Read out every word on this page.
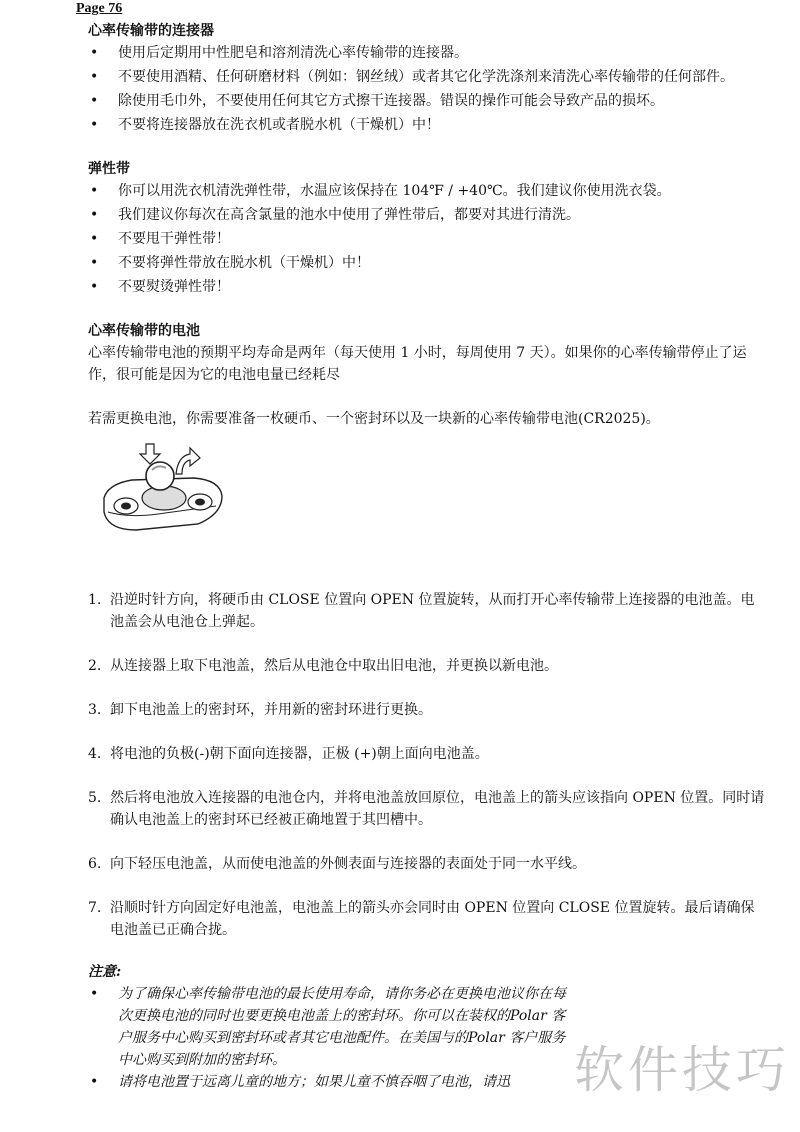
Page 76
心率传输带的连接器
• 使用后定期用中性肥皂和溶剂清洗心率传输带的连接器。
• 不要使用酒精、任何研磨材料（例如：钢丝绒）或者其它化学洗涤剂来清洗心率传输带的任何部件。
• 除使用毛巾外，不要使用任何其它方式擦干连接器。错误的操作可能会导致产品的损坏。
• 不要将连接器放在洗衣机或者脱水机（干燥机）中！
弹性带
• 你可以用洗衣机清洗弹性带，水温应该保持在 104℉ / +40℃。我们建议你使用洗衣袋。
• 我们建议你每次在高含氯量的池水中使用了弹性带后，都要对其进行清洗。
• 不要甩干弹性带！
• 不要将弹性带放在脱水机（干燥机）中！
• 不要熨烫弹性带！
心率传输带的电池

心率传输带电池的预期平均寿命是两年（每天使用 1 小时，每周使用 7 天）。如果你的心率传输带停止了运作，很可能是因为它的电池电量已经耗尽

若需更换电池，你需要准备一枚硬币、一个密封环以及一块新的心率传输带电池(CR2025)。

1. 沿逆时针方向，将硬币由 CLOSE 位置向 OPEN 位置旋转，从而打开心率传输带上连接器的电池盖。电池盖会从电池仓上弹起。
2. 从连接器上取下电池盖，然后从电池仓中取出旧电池，并更换以新电池。
3. 卸下电池盖上的密封环，并用新的密封环进行更换。
4. 将电池的负极(-)朝下面向连接器，正极 (+)朝上面向电池盖。
5. 然后将电池放入连接器的电池仓内，并将电池盖放回原位，电池盖上的箭头应该指向 OPEN 位置。同时请确认电池盖上的密封环已经被正确地置于其凹槽中。
6. 向下轻压电池盖，从而使电池盖的外侧表面与连接器的表面处于同一水平线。
7. 沿顺时针方向固定好电池盖，电池盖上的箭头亦会同时由 OPEN 位置向 CLOSE 位置旋转。最后请确保电池盖已正确合拢。
注意:
• 为了确保心率传输带电池的最长使用寿命，请你务必在更换电池议你在每次更换电池的同时也要更换电池盖上的密封环。你可以在装权的Polar 客户服务中心购买到密封环或者其它电池配件。在美国与的Polar 客户服务中心购买到附加的密封环。
• 请将电池置于远离儿童的地方；如果儿童不慎吞咽了电池，请迅	软件技巧
